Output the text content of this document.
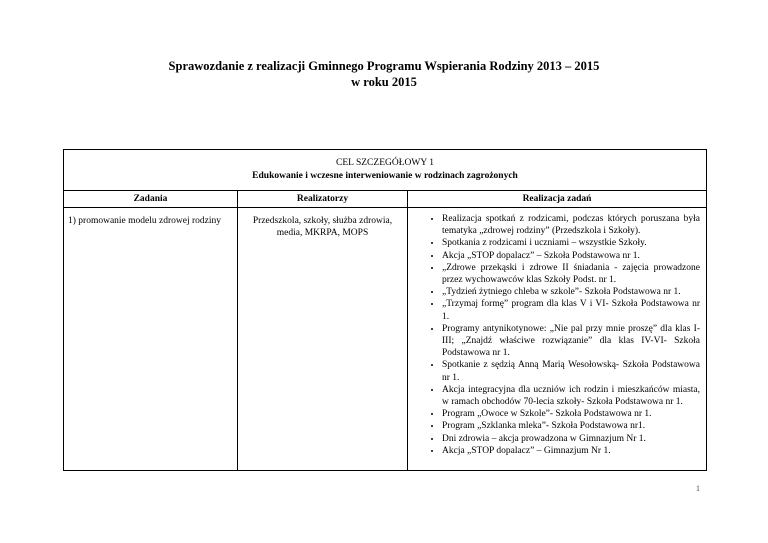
Sprawozdanie z realizacji Gminnego Programu Wspierania Rodziny 2013 – 2015
w roku 2015
CEL SZCZEGÓŁOWY 1
Edukowanie i wczesne interweniowanie w rodzinach zagrożonych		

Zadania	Realizatorzy	Realizacja zadań

1) promowanie modelu zdrowej rodziny	Przedszkola, szkoły, służba zdrowia, media, MKRPA, MOPS

• Realizacja spotkań z rodzicami, podczas których poruszana była tematyka „zdrowej rodziny” (Przedszkola i Szkoły).
• Spotkania z rodzicami i uczniami – wszystkie Szkoły.
• Akcja „STOP dopalacz” – Szkoła Podstawowa nr 1.
• „Zdrowe przekąski i zdrowe II śniadania - zajęcia prowadzone przez wychowawców klas Szkoły Podst. nr 1.
• „Tydzień żytniego chleba w szkole”- Szkoła Podstawowa nr 1.
• „Trzymaj formę” program dla klas V i VI- Szkoła Podstawowa nr 1.
• Programy antynikotynowe: „Nie pal przy mnie proszę” dla klas I- III; „Znajdź właściwe rozwiązanie” dla klas IV-VI- Szkoła Podstawowa nr 1.
• Spotkanie z sędzią Anną Marią Wesołowską- Szkoła Podstawowa nr 1.
• Akcja integracyjna dla uczniów ich rodzin i mieszkańców miasta, w ramach obchodów 70-lecia szkoły- Szkoła Podstawowa nr 1.
• Program „Owoce w Szkole”- Szkoła Podstawowa nr 1.
• Program „Szklanka mleka”- Szkoła Podstawowa nr1.
• Dni zdrowia – akcja prowadzona w Gimnazjum Nr 1.
• Akcja „STOP dopalacz” – Gimnazjum Nr 1.
1
